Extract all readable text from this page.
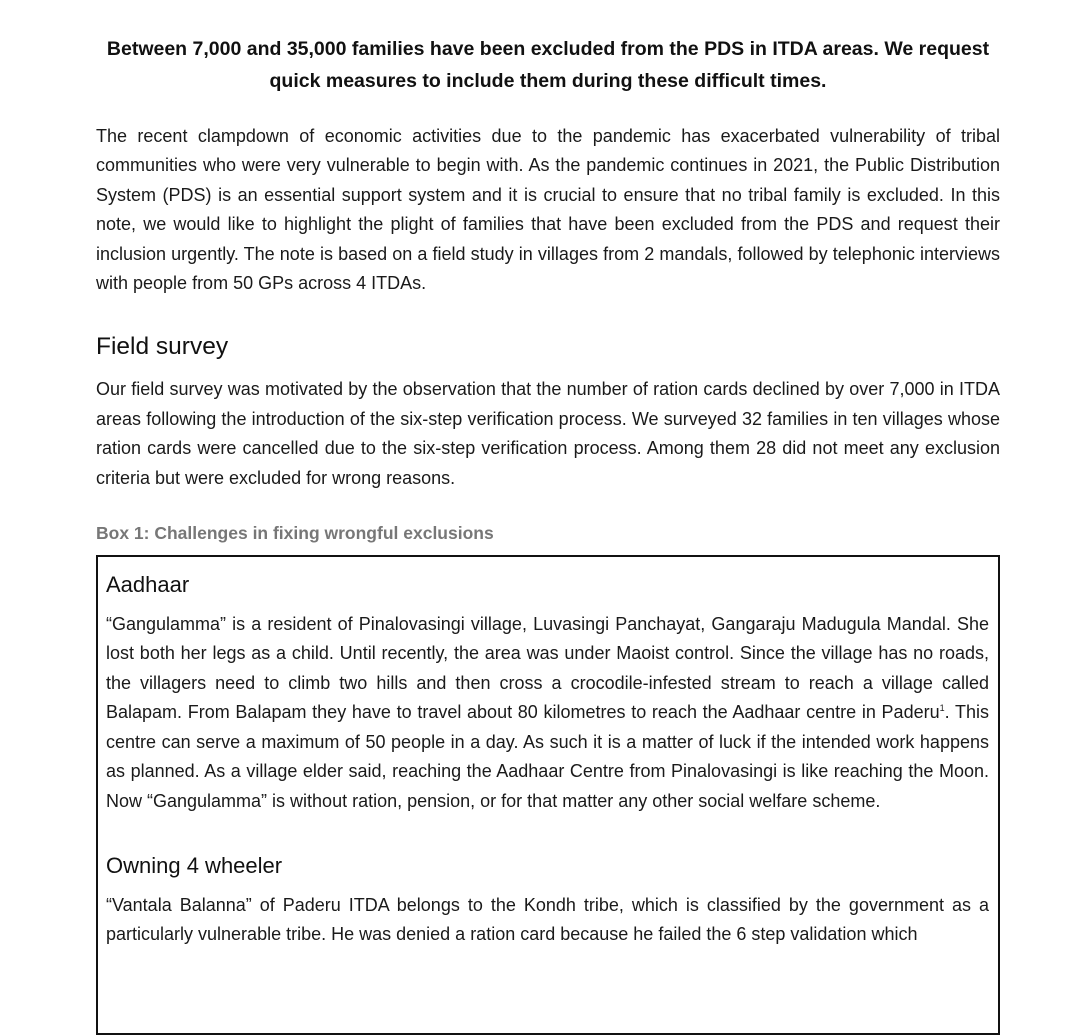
Between 7,000 and 35,000 families have been excluded from the PDS in ITDA areas. We request quick measures to include them during these difficult times.

The recent clampdown of economic activities due to the pandemic has exacerbated vulnerability of tribal communities who were very vulnerable to begin with. As the pandemic continues in 2021, the Public Distribution System (PDS) is an essential support system and it is crucial to ensure that no tribal family is excluded. In this note, we would like to highlight the plight of families that have been excluded from the PDS and request their inclusion urgently. The note is based on a field study in villages from 2 mandals, followed by telephonic interviews with people from 50 GPs across 4 ITDAs.

Field survey

Our field survey was motivated by the observation that the number of ration cards declined by over 7,000 in ITDA areas following the introduction of the six-step verification process. We surveyed 32 families in ten villages whose ration cards were cancelled due to the six-step verification process. Among them 28 did not meet any exclusion criteria but were excluded for wrong reasons.

Box 1: Challenges in fixing wrongful exclusions
Aadhaar

“Gangulamma” is a resident of Pinalovasingi village, Luvasingi Panchayat, Gangaraju Madugula Mandal. She lost both her legs as a child. Until recently, the area was under Maoist control. Since the village has no roads, the villagers need to climb two hills and then cross a crocodile-infested stream to reach a village called Balapam. From Balapam they have to travel about 80 kilometres to reach the Aadhaar centre in Paderu$^1$. This centre can serve a maximum of 50 people in a day. As such it is a matter of luck if the intended work happens as planned. As a village elder said, reaching the Aadhaar Centre from Pinalovasingi is like reaching the Moon. Now “Gangulamma” is without ration, pension, or for that matter any other social welfare scheme.

Owning 4 wheeler

“Vantala Balanna” of Paderu ITDA belongs to the Kondh tribe, which is classified by the government as a particularly vulnerable tribe. He was denied a ration card because he failed the 6 step validation which
